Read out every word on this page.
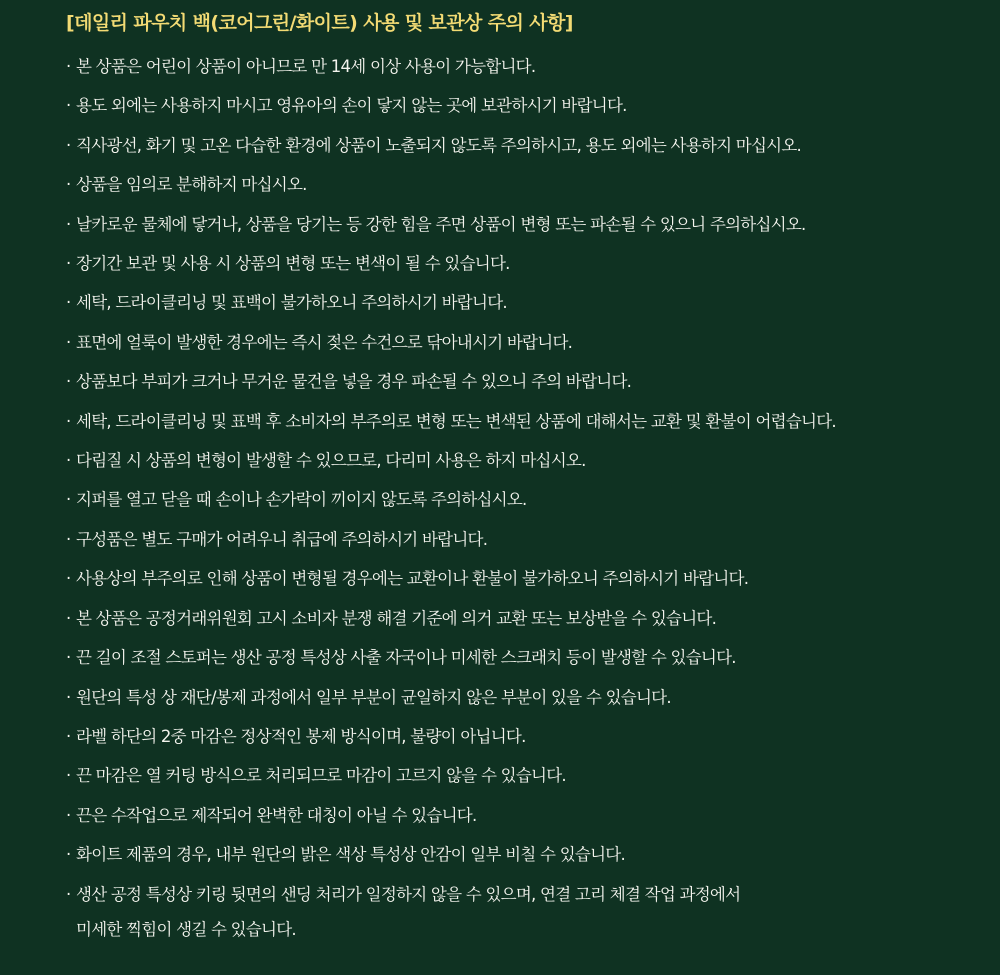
[데일리 파우치 백(코어그린/화이트) 사용 및 보관상 주의 사항]
· 본 상품은 어린이 상품이 아니므로 만 14세 이상 사용이 가능합니다.
· 용도 외에는 사용하지 마시고 영유아의 손이 닿지 않는 곳에 보관하시기 바랍니다.
· 직사광선, 화기 및 고온 다습한 환경에 상품이 노출되지 않도록 주의하시고, 용도 외에는 사용하지 마십시오.
· 상품을 임의로 분해하지 마십시오.
· 날카로운 물체에 닿거나, 상품을 당기는 등 강한 힘을 주면 상품이 변형 또는 파손될 수 있으니 주의하십시오.
· 장기간 보관 및 사용 시 상품의 변형 또는 변색이 될 수 있습니다.
· 세탁, 드라이클리닝 및 표백이 불가하오니 주의하시기 바랍니다.
· 표면에 얼룩이 발생한 경우에는 즉시 젖은 수건으로 닦아내시기 바랍니다.
· 상품보다 부피가 크거나 무거운 물건을 넣을 경우 파손될 수 있으니 주의 바랍니다.
· 세탁, 드라이클리닝 및 표백 후 소비자의 부주의로 변형 또는 변색된 상품에 대해서는 교환 및 환불이 어렵습니다.
· 다림질 시 상품의 변형이 발생할 수 있으므로, 다리미 사용은 하지 마십시오.
· 지퍼를 열고 닫을 때 손이나 손가락이 끼이지 않도록 주의하십시오.
· 구성품은 별도 구매가 어려우니 취급에 주의하시기 바랍니다.
· 사용상의 부주의로 인해 상품이 변형될 경우에는 교환이나 환불이 불가하오니 주의하시기 바랍니다.
· 본 상품은 공정거래위원회 고시 소비자 분쟁 해결 기준에 의거 교환 또는 보상받을 수 있습니다.
· 끈 길이 조절 스토퍼는 생산 공정 특성상 사출 자국이나 미세한 스크래치 등이 발생할 수 있습니다.
· 원단의 특성 상 재단/봉제 과정에서 일부 부분이 균일하지 않은 부분이 있을 수 있습니다.
· 라벨 하단의 2중 마감은 정상적인 봉제 방식이며, 불량이 아닙니다.
· 끈 마감은 열 커팅 방식으로 처리되므로 마감이 고르지 않을 수 있습니다.
· 끈은 수작업으로 제작되어 완벽한 대칭이 아닐 수 있습니다.
· 화이트 제품의 경우, 내부 원단의 밝은 색상 특성상 안감이 일부 비칠 수 있습니다.
· 생산 공정 특성상 키링 뒷면의 샌딩 처리가 일정하지 않을 수 있으며, 연결 고리 체결 작업 과정에서
미세한 찍힘이 생길 수 있습니다.
